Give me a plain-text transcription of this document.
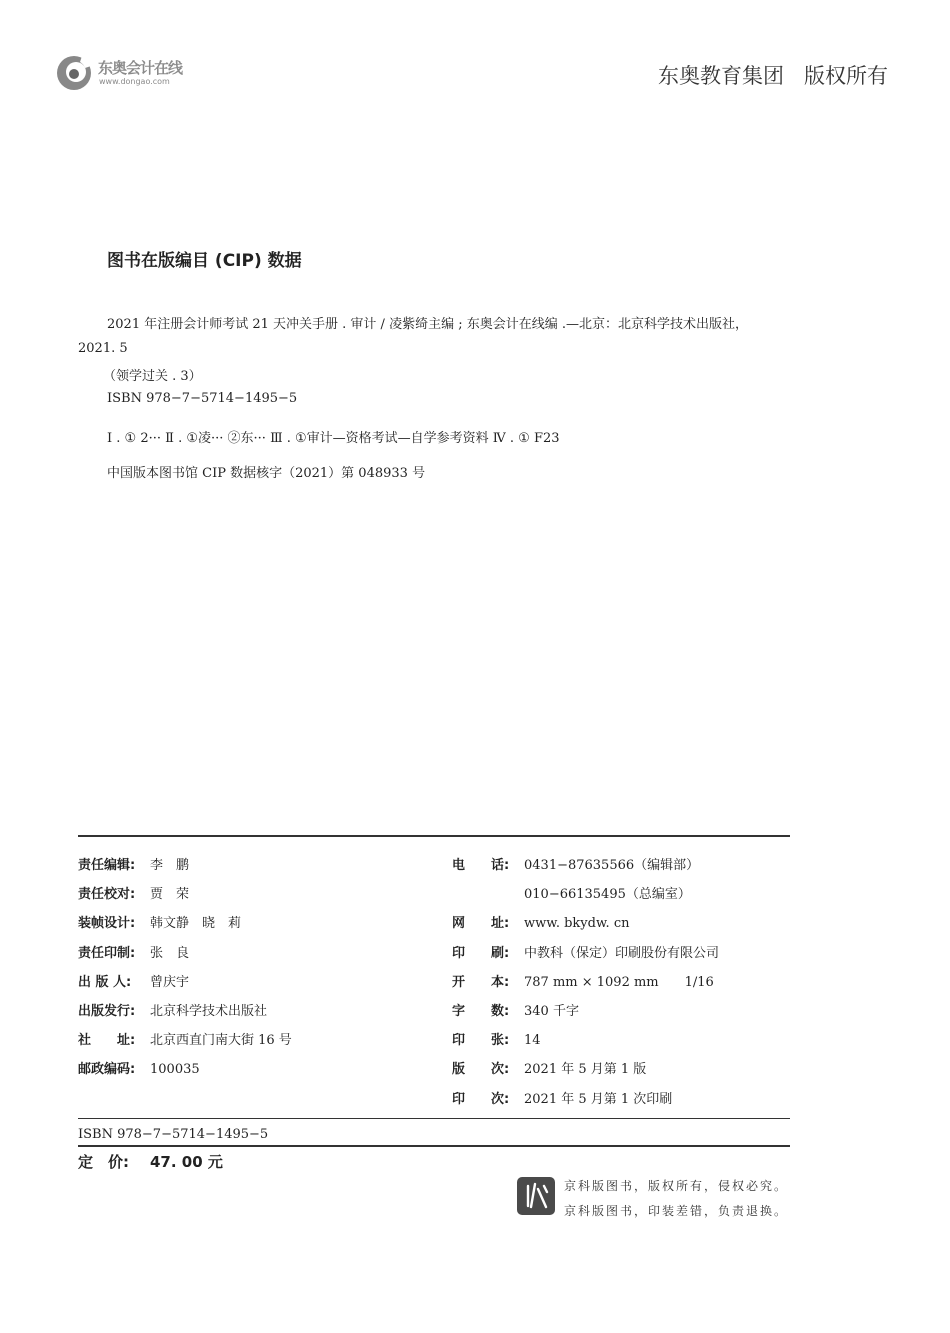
东奥会计在线
www.dongao.com	东奥教育集团 版权所有
图书在版编目 (CIP) 数据
2021 年注册会计师考试 21 天冲关手册 . 审计 / 凌紫绮主编 ; 东奥会计在线编 .—北京：北京科学技术出版社，
2021. 5
（领学过关 . 3）
ISBN 978−7−5714−1495−5
Ⅰ . ① 2··· Ⅱ . ①凌··· ②东··· Ⅲ . ①审计—资格考试—自学参考资料 Ⅳ . ① F23
中国版本图书馆 CIP 数据核字（2021）第 048933 号
责任编辑: 李　鹏
责任校对: 贾　荣
装帧设计: 韩文静　晓　莉
责任印制: 张　良
出 版 人: 曾庆宇
出版发行: 北京科学技术出版社
社　　址: 北京西直门南大街 16 号
邮政编码: 100035
电　　话: 0431−87635566（编辑部）
010−66135495（总编室）
网　　址: www. bkydw. cn
印　　刷: 中教科（保定）印刷股份有限公司
开　　本: 787 mm × 1092 mm　　1/16
字　　数: 340 千字
印　　张: 14
版　　次: 2021 年 5 月第 1 版
印　　次: 2021 年 5 月第 1 次印刷
ISBN 978−7−5714−1495−5
定　价: 47. 00 元
京科版图书，版权所有，侵权必究。
京科版图书，印装差错，负责退换。
